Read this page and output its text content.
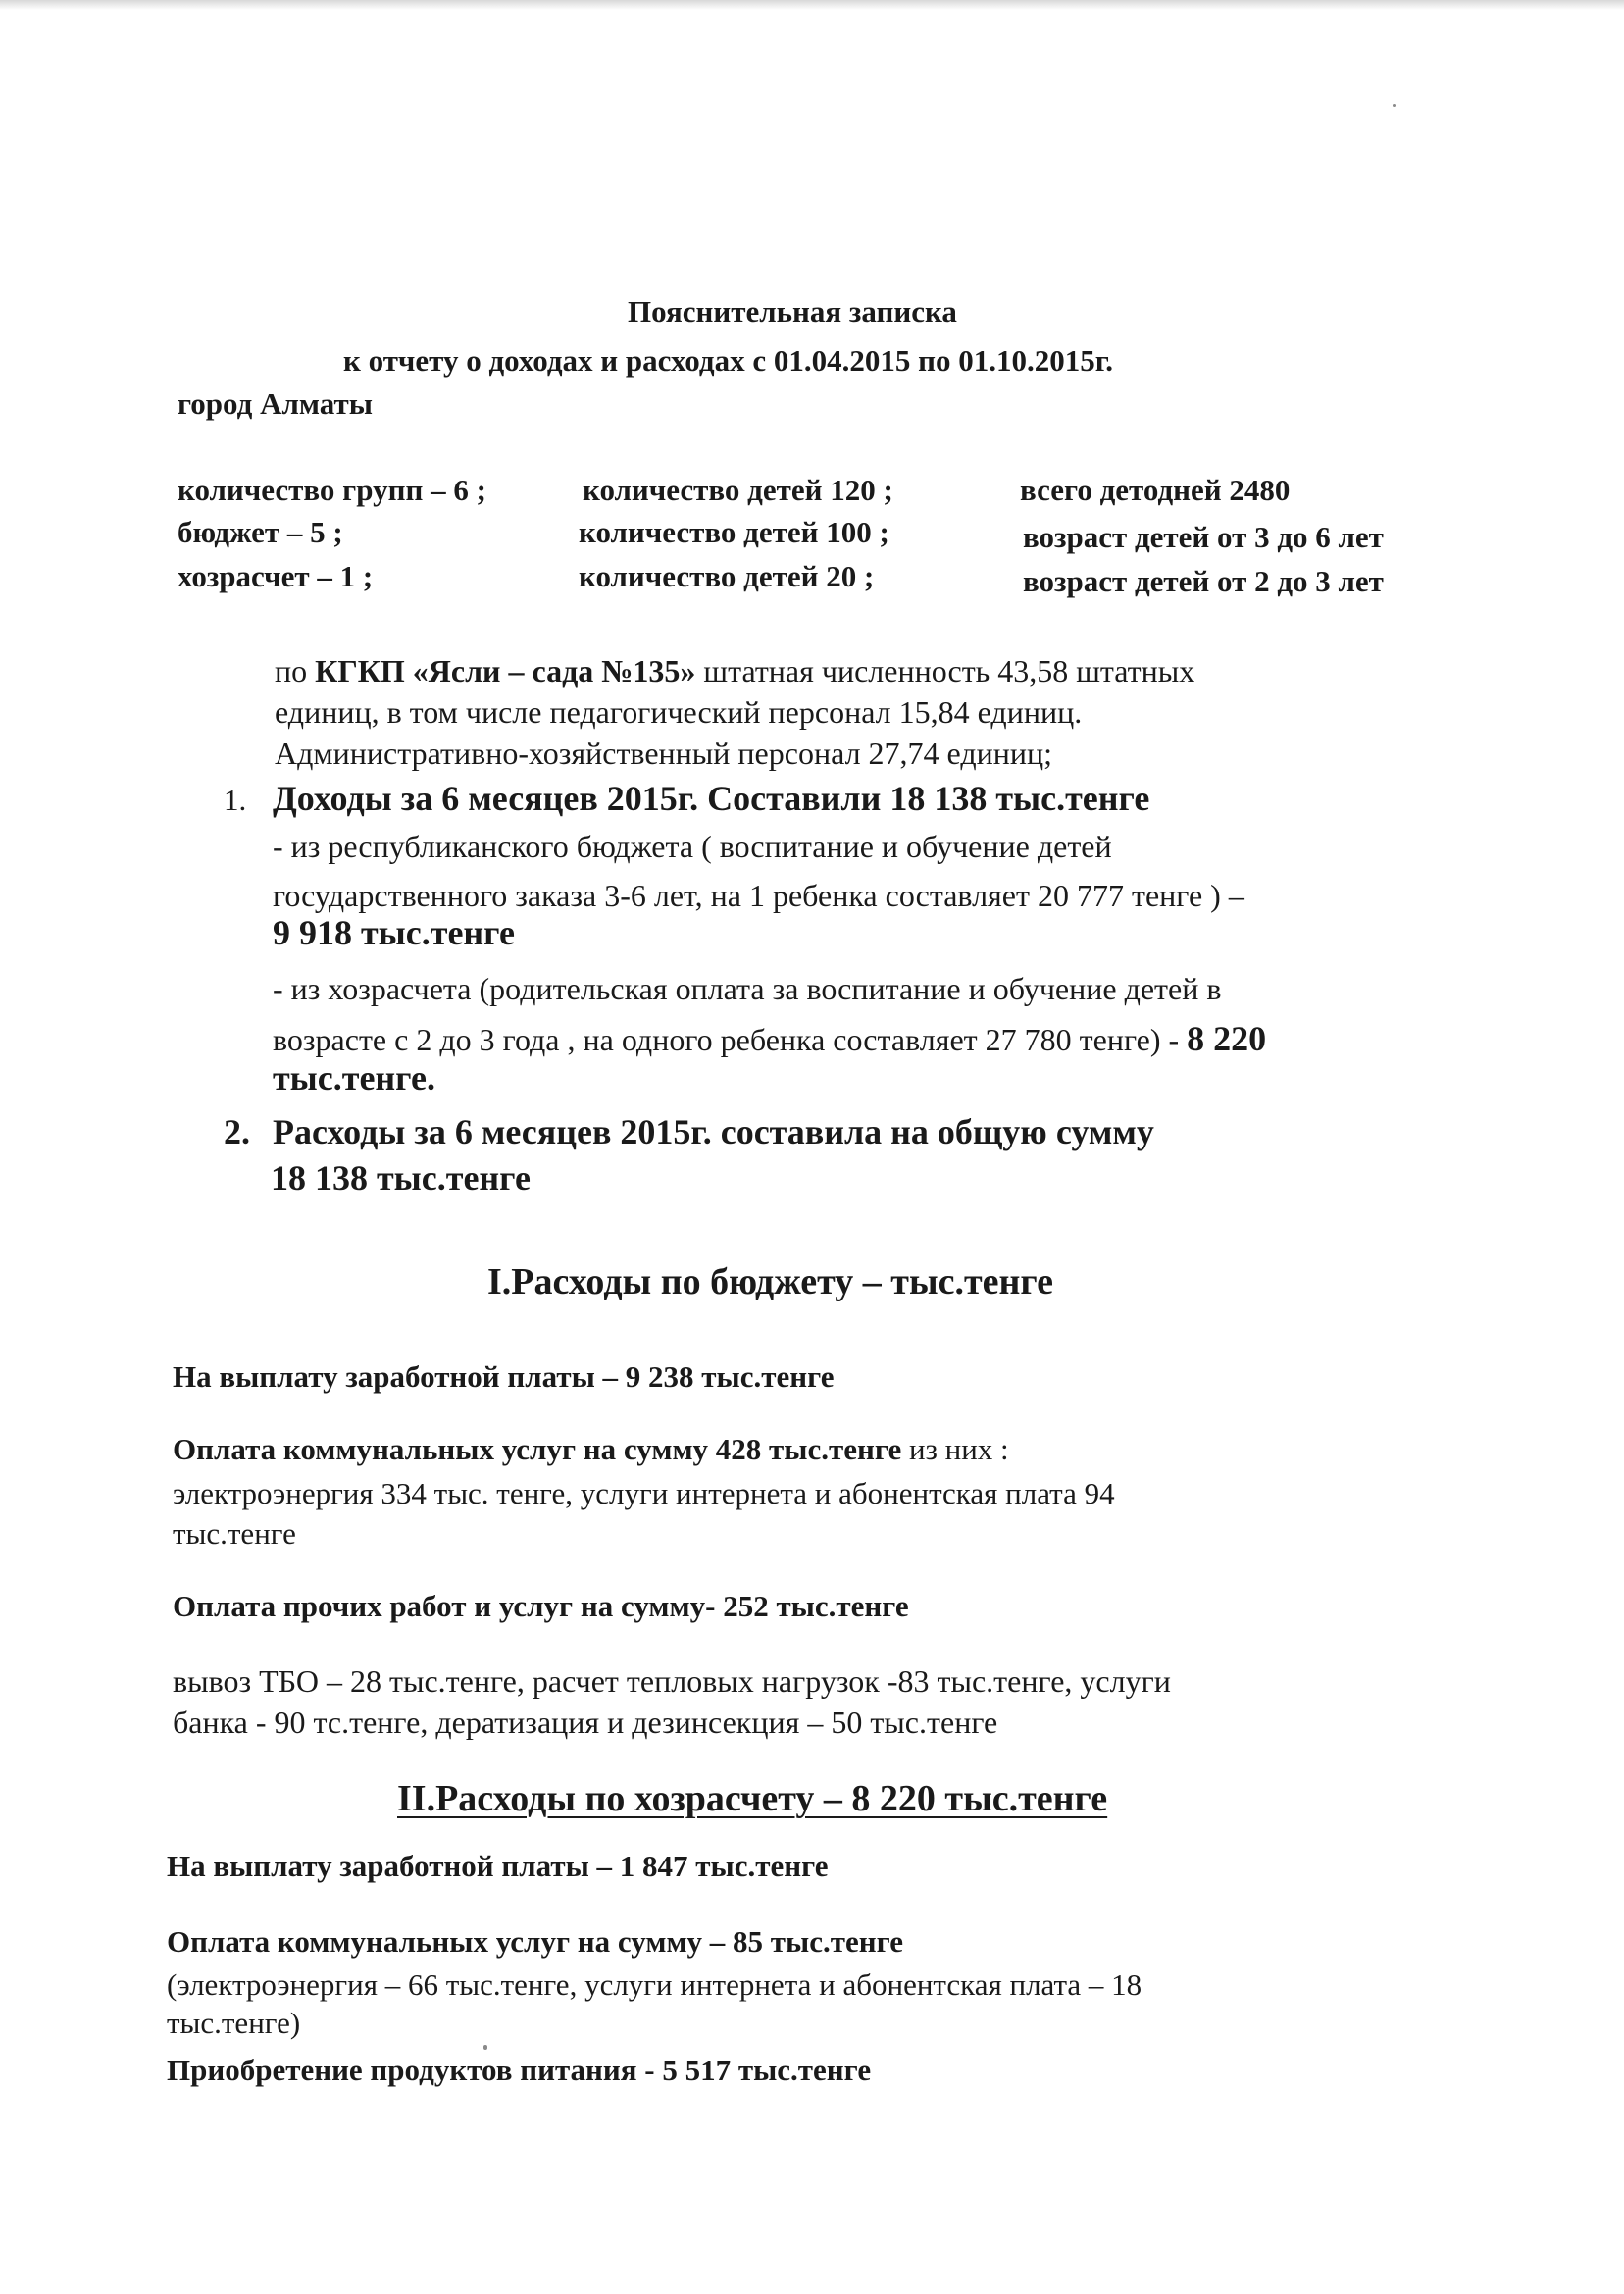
Пояснительная записка
к отчету о доходах и расходах с 01.04.2015 по 01.10.2015г.
город Алматы
количество групп – 6 ;
бюджет – 5 ;
хозрасчет – 1 ;
количество детей 120 ;
количество детей 100 ;
количество детей 20 ;
всего детодней 2480
возраст детей от 3 до 6 лет
возраст детей от 2 до 3 лет
по КГКП «Ясли – сада №135» штатная численность 43,58 штатных
единиц, в том числе педагогический персонал 15,84 единиц.
Административно-хозяйственный персонал 27,74 единиц;
1. Доходы за 6 месяцев 2015г. Составили 18 138 тыс.тенге
- из республиканского бюджета ( воспитание и обучение детей
государственного заказа 3-6 лет, на 1 ребенка составляет 20 777 тенге ) –
9 918 тыс.тенге
- из хозрасчета (родительская оплата за воспитание и обучение детей в
возрасте с 2 до 3 года , на одного ребенка составляет 27 780 тенге) - 8 220
тыс.тенге.
2. Расходы за 6 месяцев 2015г. составила на общую сумму
18 138 тыс.тенге
I.Расходы по бюджету – тыс.тенге
На выплату заработной платы – 9 238 тыс.тенге
Оплата коммунальных услуг на сумму 428 тыс.тенге из них :
электроэнергия 334 тыс. тенге, услуги интернета и абонентская плата 94
тыс.тенге
Оплата прочих работ и услуг на сумму- 252 тыс.тенге
вывоз ТБО – 28 тыс.тенге, расчет тепловых нагрузок -83 тыс.тенге, услуги
банка - 90 тс.тенге, дератизация и дезинсекция – 50 тыс.тенге
II.Расходы по хозрасчету – 8 220 тыс.тенге
На выплату заработной платы – 1 847 тыс.тенге
Оплата коммунальных услуг на сумму – 85 тыс.тенге
(электроэнергия – 66 тыс.тенге, услуги интернета и абонентская плата – 18
тыс.тенге)
Приобретение продуктов питания - 5 517 тыс.тенге
